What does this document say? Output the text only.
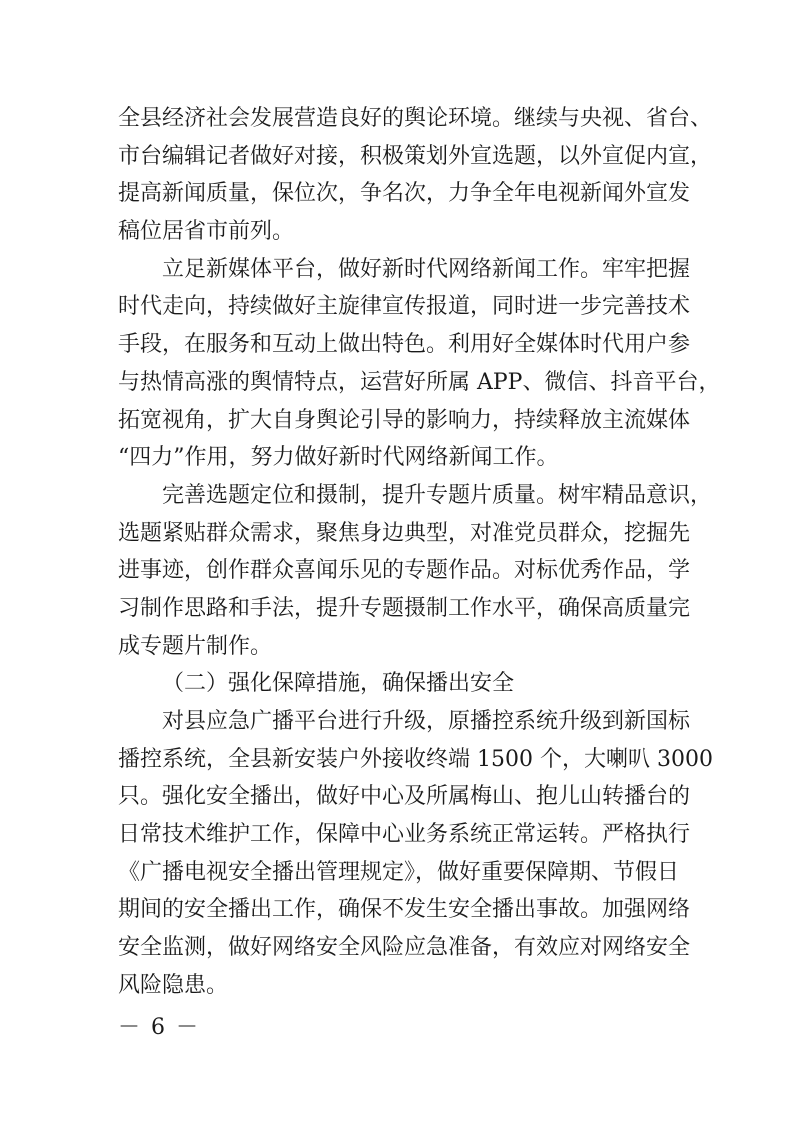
全县经济社会发展营造良好的舆论环境。继续与央视、省台、
市台编辑记者做好对接，积极策划外宣选题，以外宣促内宣，
提高新闻质量，保位次，争名次，力争全年电视新闻外宣发
稿位居省市前列。
立足新媒体平台，做好新时代网络新闻工作。牢牢把握
时代走向，持续做好主旋律宣传报道，同时进一步完善技术
手段，在服务和互动上做出特色。利用好全媒体时代用户参
与热情高涨的舆情特点，运营好所属 APP、微信、抖音平台，
拓宽视角，扩大自身舆论引导的影响力，持续释放主流媒体
“四力”作用，努力做好新时代网络新闻工作。
完善选题定位和摄制，提升专题片质量。树牢精品意识，
选题紧贴群众需求，聚焦身边典型，对准党员群众，挖掘先
进事迹，创作群众喜闻乐见的专题作品。对标优秀作品，学
习制作思路和手法，提升专题摄制工作水平，确保高质量完
成专题片制作。
（二）强化保障措施，确保播出安全
对县应急广播平台进行升级，原播控系统升级到新国标
播控系统，全县新安装户外接收终端 1500 个，大喇叭 3000
只。强化安全播出，做好中心及所属梅山、抱儿山转播台的
日常技术维护工作，保障中心业务系统正常运转。严格执行
《广播电视安全播出管理规定》，做好重要保障期、节假日
期间的安全播出工作，确保不发生安全播出事故。加强网络
安全监测，做好网络安全风险应急准备，有效应对网络安全
风险隐患。
－ 6 －
